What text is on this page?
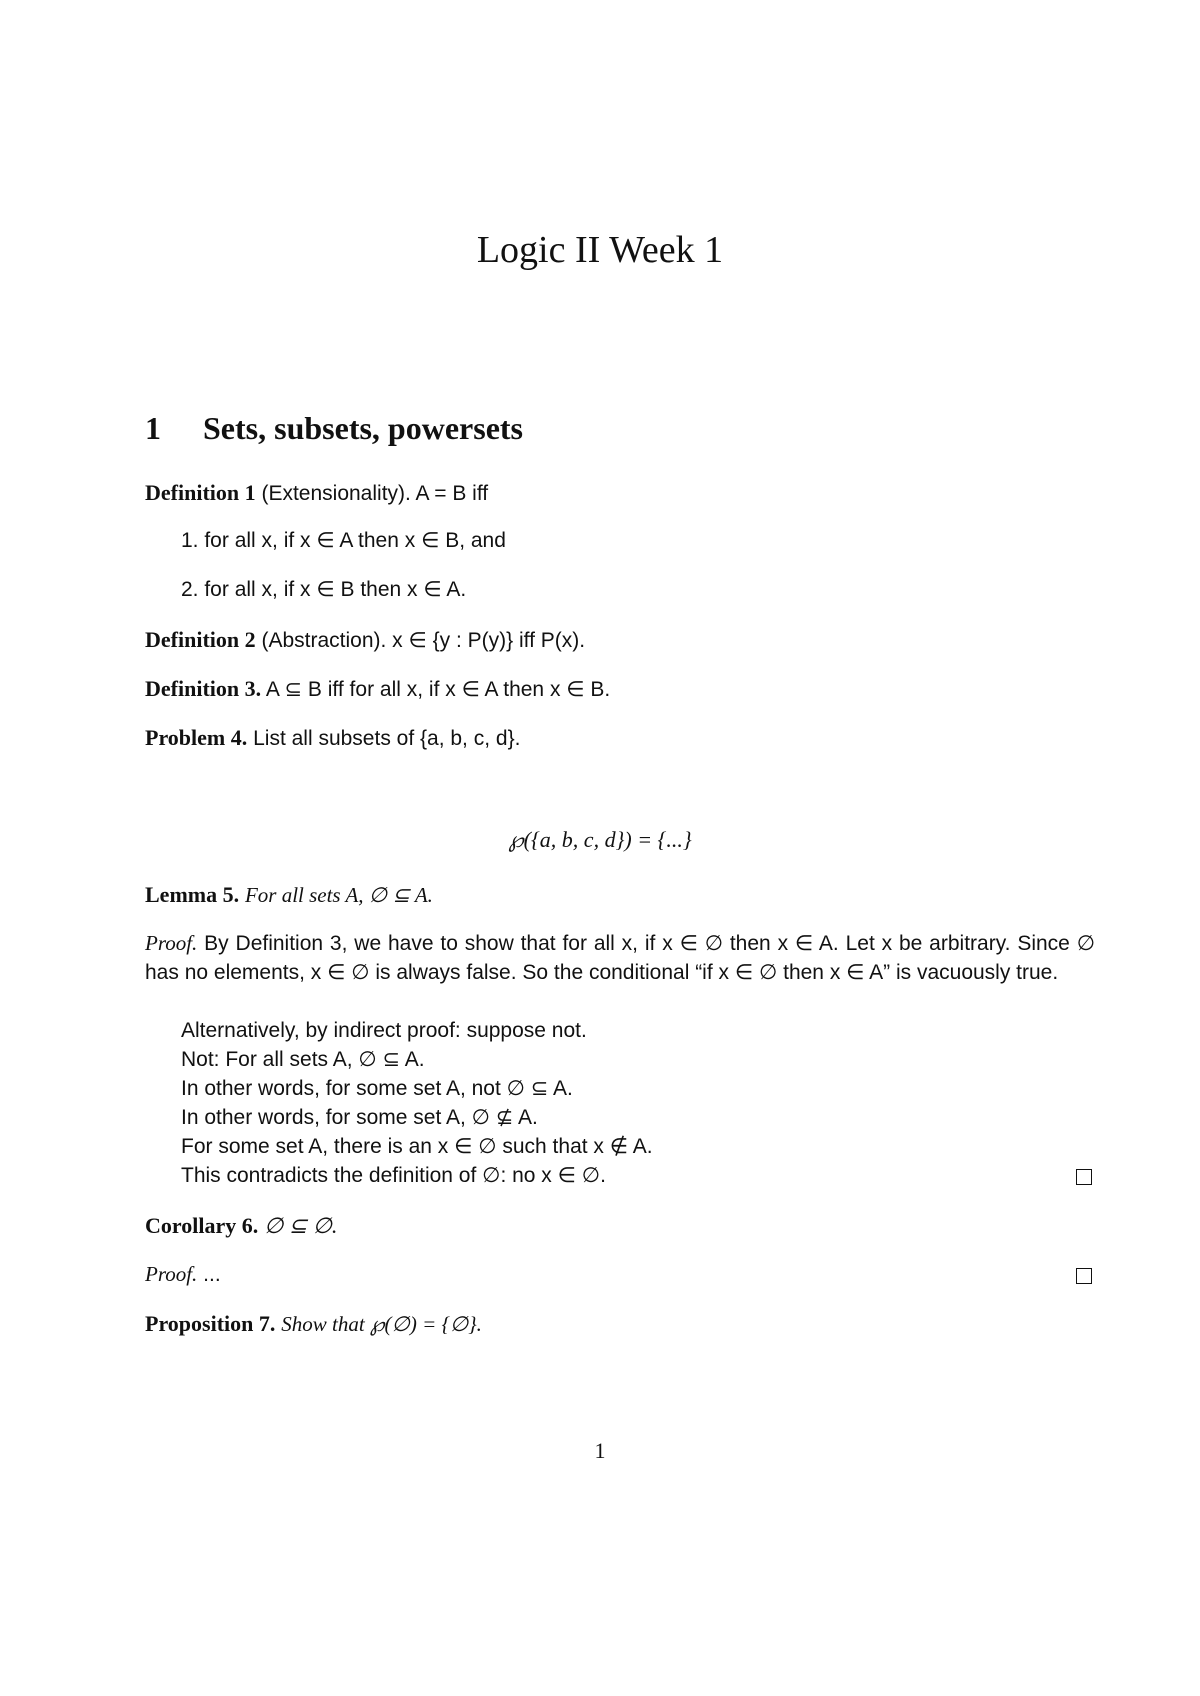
Logic II Week 1
1 Sets, subsets, powersets
Definition 1 (Extensionality). A = B iff
1. for all x, if x ∈ A then x ∈ B, and
2. for all x, if x ∈ B then x ∈ A.
Definition 2 (Abstraction). x ∈ {y : P(y)} iff P(x).
Definition 3. A ⊆ B iff for all x, if x ∈ A then x ∈ B.
Problem 4. List all subsets of {a, b, c, d}.
℘({a, b, c, d}) = {...}
Lemma 5. For all sets A, ∅ ⊆ A.
Proof. By Definition 3, we have to show that for all x, if x ∈ ∅ then x ∈ A. Let x be arbitrary. Since ∅ has no elements, x ∈ ∅ is always false. So the conditional “if x ∈ ∅ then x ∈ A” is vacuously true.
Alternatively, by indirect proof: suppose not.
Not: For all sets A, ∅ ⊆ A.
In other words, for some set A, not ∅ ⊆ A.
In other words, for some set A, ∅ ⊈ A.
For some set A, there is an x ∈ ∅ such that x ∉ A.
This contradicts the definition of ∅: no x ∈ ∅.
Corollary 6. ∅ ⊆ ∅.
Proof. ...
Proposition 7. Show that ℘(∅) = {∅}.
1
